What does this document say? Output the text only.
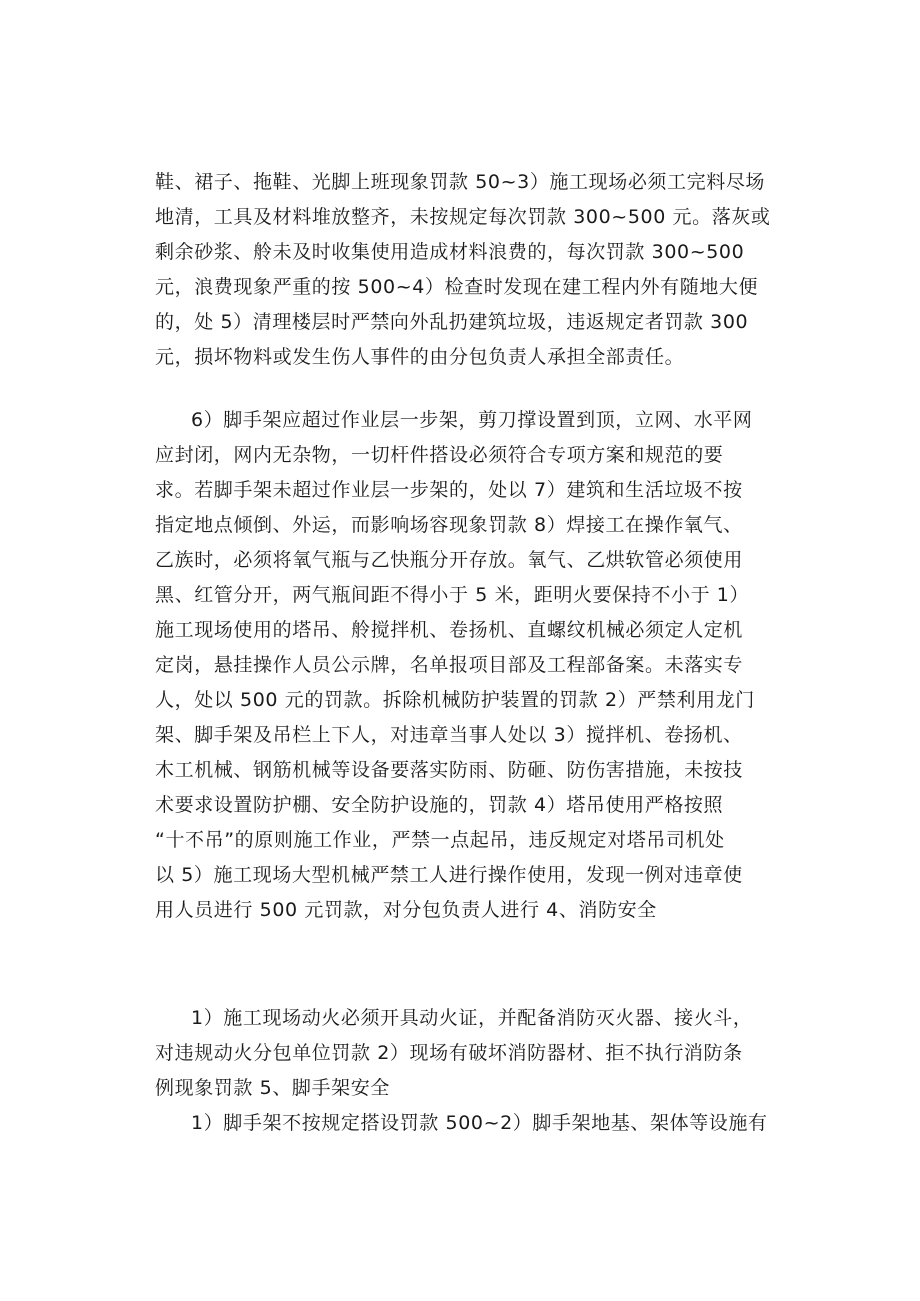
鞋、裙子、拖鞋、光脚上班现象罚款 50~3）施工现场必须工完料尽场
地清，工具及材料堆放整齐，未按规定每次罚款 300~500 元。落灰或
剩余砂浆、舲未及时收集使用造成材料浪费的，每次罚款 300~500
元，浪费现象严重的按 500~4）检查时发现在建工程内外有随地大便
的，处 5）清理楼层时严禁向外乱扔建筑垃圾，违返规定者罚款 300
元，损坏物料或发生伤人事件的由分包负责人承担全部责任。
6）脚手架应超过作业层一步架，剪刀撑设置到顶，立网、水平网
应封闭，网内无杂物，一切杆件搭设必须符合专项方案和规范的要
求。若脚手架未超过作业层一步架的，处以 7）建筑和生活垃圾不按
指定地点倾倒、外运，而影响场容现象罚款 8）焊接工在操作氧气、
乙族时，必须将氧气瓶与乙快瓶分开存放。氧气、乙烘软管必须使用
黑、红管分开，两气瓶间距不得小于 5 米，距明火要保持不小于 1）
施工现场使用的塔吊、舲搅拌机、卷扬机、直螺纹机械必须定人定机
定岗，悬挂操作人员公示牌，名单报项目部及工程部备案。未落实专
人，处以 500 元的罚款。拆除机械防护装置的罚款 2）严禁利用龙门
架、脚手架及吊栏上下人，对违章当事人处以 3）搅拌机、卷扬机、
木工机械、钢筋机械等设备要落实防雨、防砸、防伤害措施，未按技
术要求设置防护棚、安全防护设施的，罚款 4）塔吊使用严格按照
“十不吊”的原则施工作业，严禁一点起吊，违反规定对塔吊司机处
以 5）施工现场大型机械严禁工人进行操作使用，发现一例对违章使
用人员进行 500 元罚款，对分包负责人进行 4、消防安全
1）施工现场动火必须开具动火证，并配备消防灭火器、接火斗，
对违规动火分包单位罚款 2）现场有破坏消防器材、拒不执行消防条
例现象罚款 5、脚手架安全
1）脚手架不按规定搭设罚款 500~2）脚手架地基、架体等设施有
